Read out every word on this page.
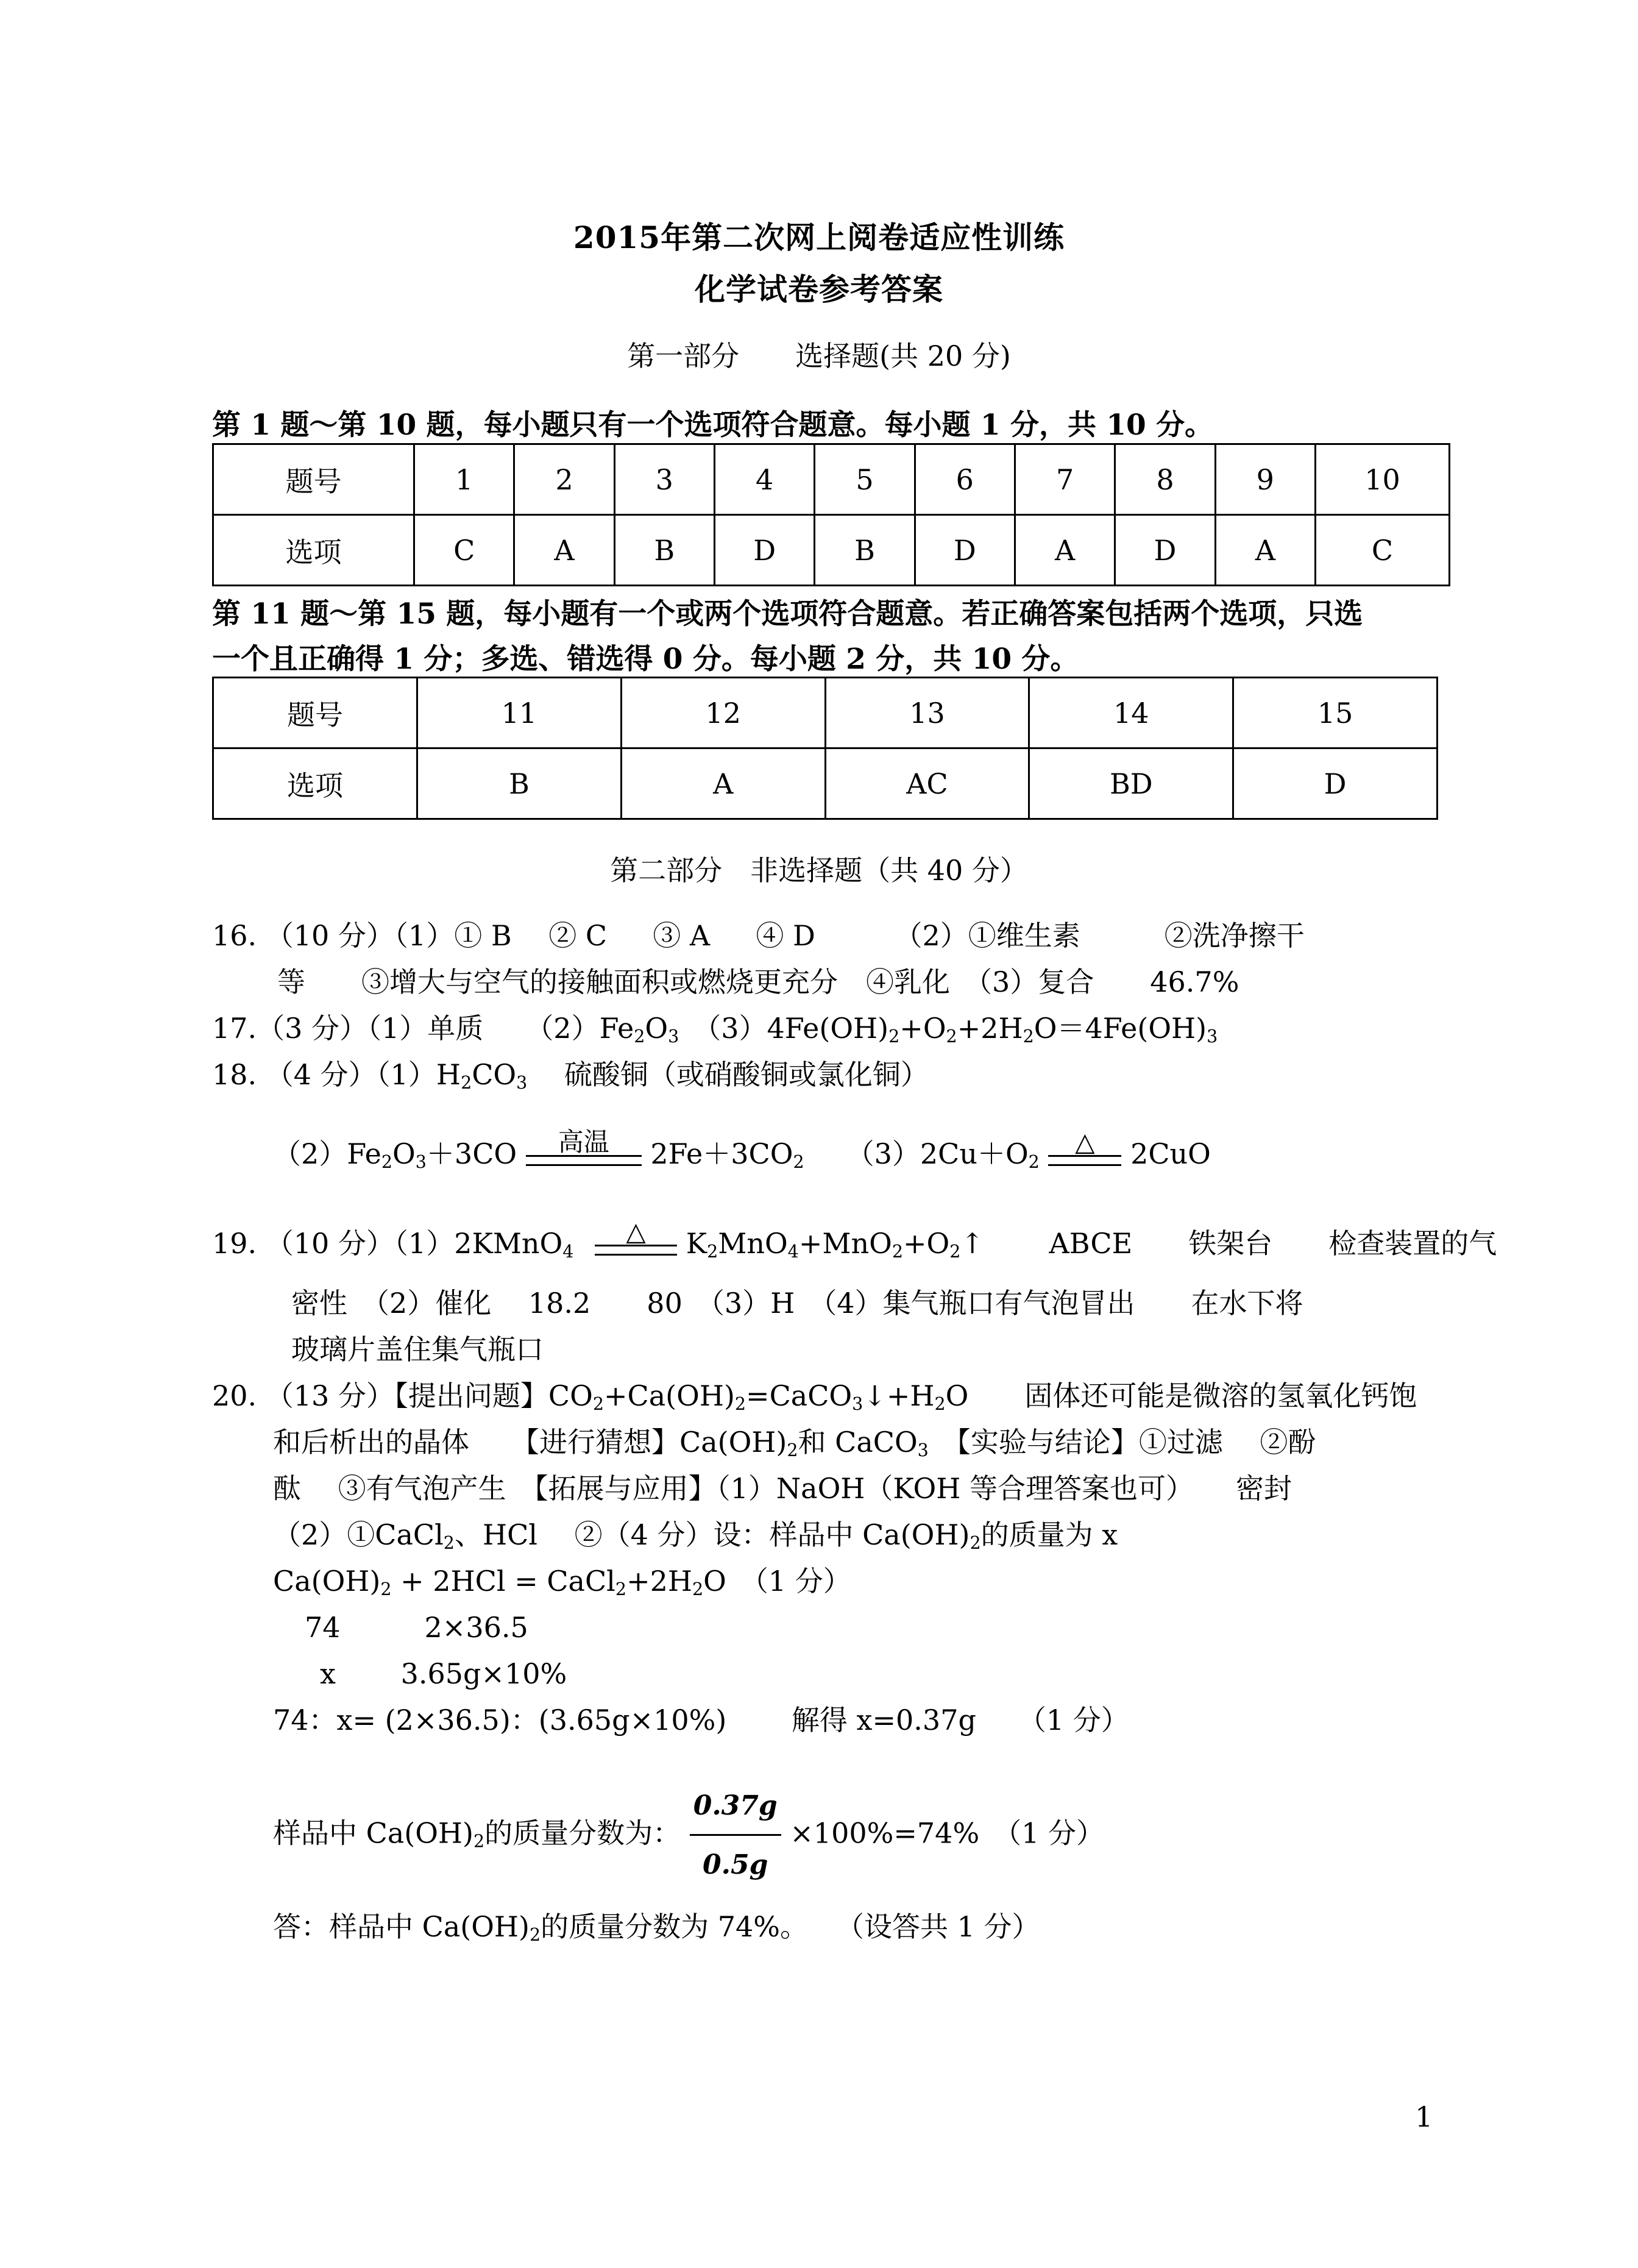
2015年第二次网上阅卷适应性训练
化学试卷参考答案
第一部分　　选择题(共 20 分)
第 1 题～第 10 题，每小题只有一个选项符合题意。每小题 1 分，共 10 分。
题号	1	2	3	4	5	6	7	8	9	10
选项	C	A	B	D	B	D	A	D	A	C
第 11 题～第 15 题，每小题有一个或两个选项符合题意。若正确答案包括两个选项，只选
一个且正确得 1 分；多选、错选得 0 分。每小题 2 分，共 10 分。
题号	11	12	13	14	15
选项	B	A	AC	BD	D
第二部分　非选择题（共 40 分）
16. （10 分）（1）① B 　② C 　 ③ A 　 ④ D 　　　（2）①维生素　　　②洗净擦干
等　　③增大与空气的接触面积或燃烧更充分　④乳化　（3）复合　　46.7%
17.（3 分）（1）单质　　$(2)Fe_2O_3$　$(3)4Fe(OH)_2+O_2+2H_2O=4Fe(OH)_3$
18. （4 分）$(1)H_2CO_3$　 硫酸铜（或硝酸铜或氯化铜）
$(2)Fe_2O_3+3CO$	高温	$2Fe+3CO_2$　　$(3)2Cu+O_2$
△	2CuO
19. （10 分）（1）2KMnO$_4$
△	$K_2MnO_4+MnO_2+O_2↑$　　 ABCE　　铁架台　　检查装置的气
密性　（2）催化　 18.2　　80　（3）H　（4）集气瓶口有气泡冒出　　在水下将
玻璃片盖住集气瓶口
20. （13 分）【提出问题】$CO_2+Ca(OH)_2=CaCO_3↓+H_2O$　　固体还可能是微溶的氢氧化钙饱
和后析出的晶体　　【进行猜想】$Ca(OH)_2$和 CaCO$_3$　【实验与结论】①过滤　 ②酚
酞　 ③有气泡产生　【拓展与应用】（1）NaOH（KOH 等合理答案也可）　　密封
（2）①CaCl$_2$、HCl　 ②（4 分）设：样品中 $Ca(OH)_2$的质量为 x
$Ca(OH)_2 + 2HCl$ = $CaCl_2+2H_2O$　（1 分）
74　　　2×36.5
x　　 3.65g×10%
74：x= (2×36.5)：(3.65g×10%)　　 解得 x=0.37g　　（1 分）
样品中 $Ca(OH)_2$的质量分数为： $\frac{0.37g}{0.5g} \times 100\%=74\%$　（1 分）
答：样品中 $Ca(OH)_2$的质量分数为 74%。　　（设答共 1 分）
1
